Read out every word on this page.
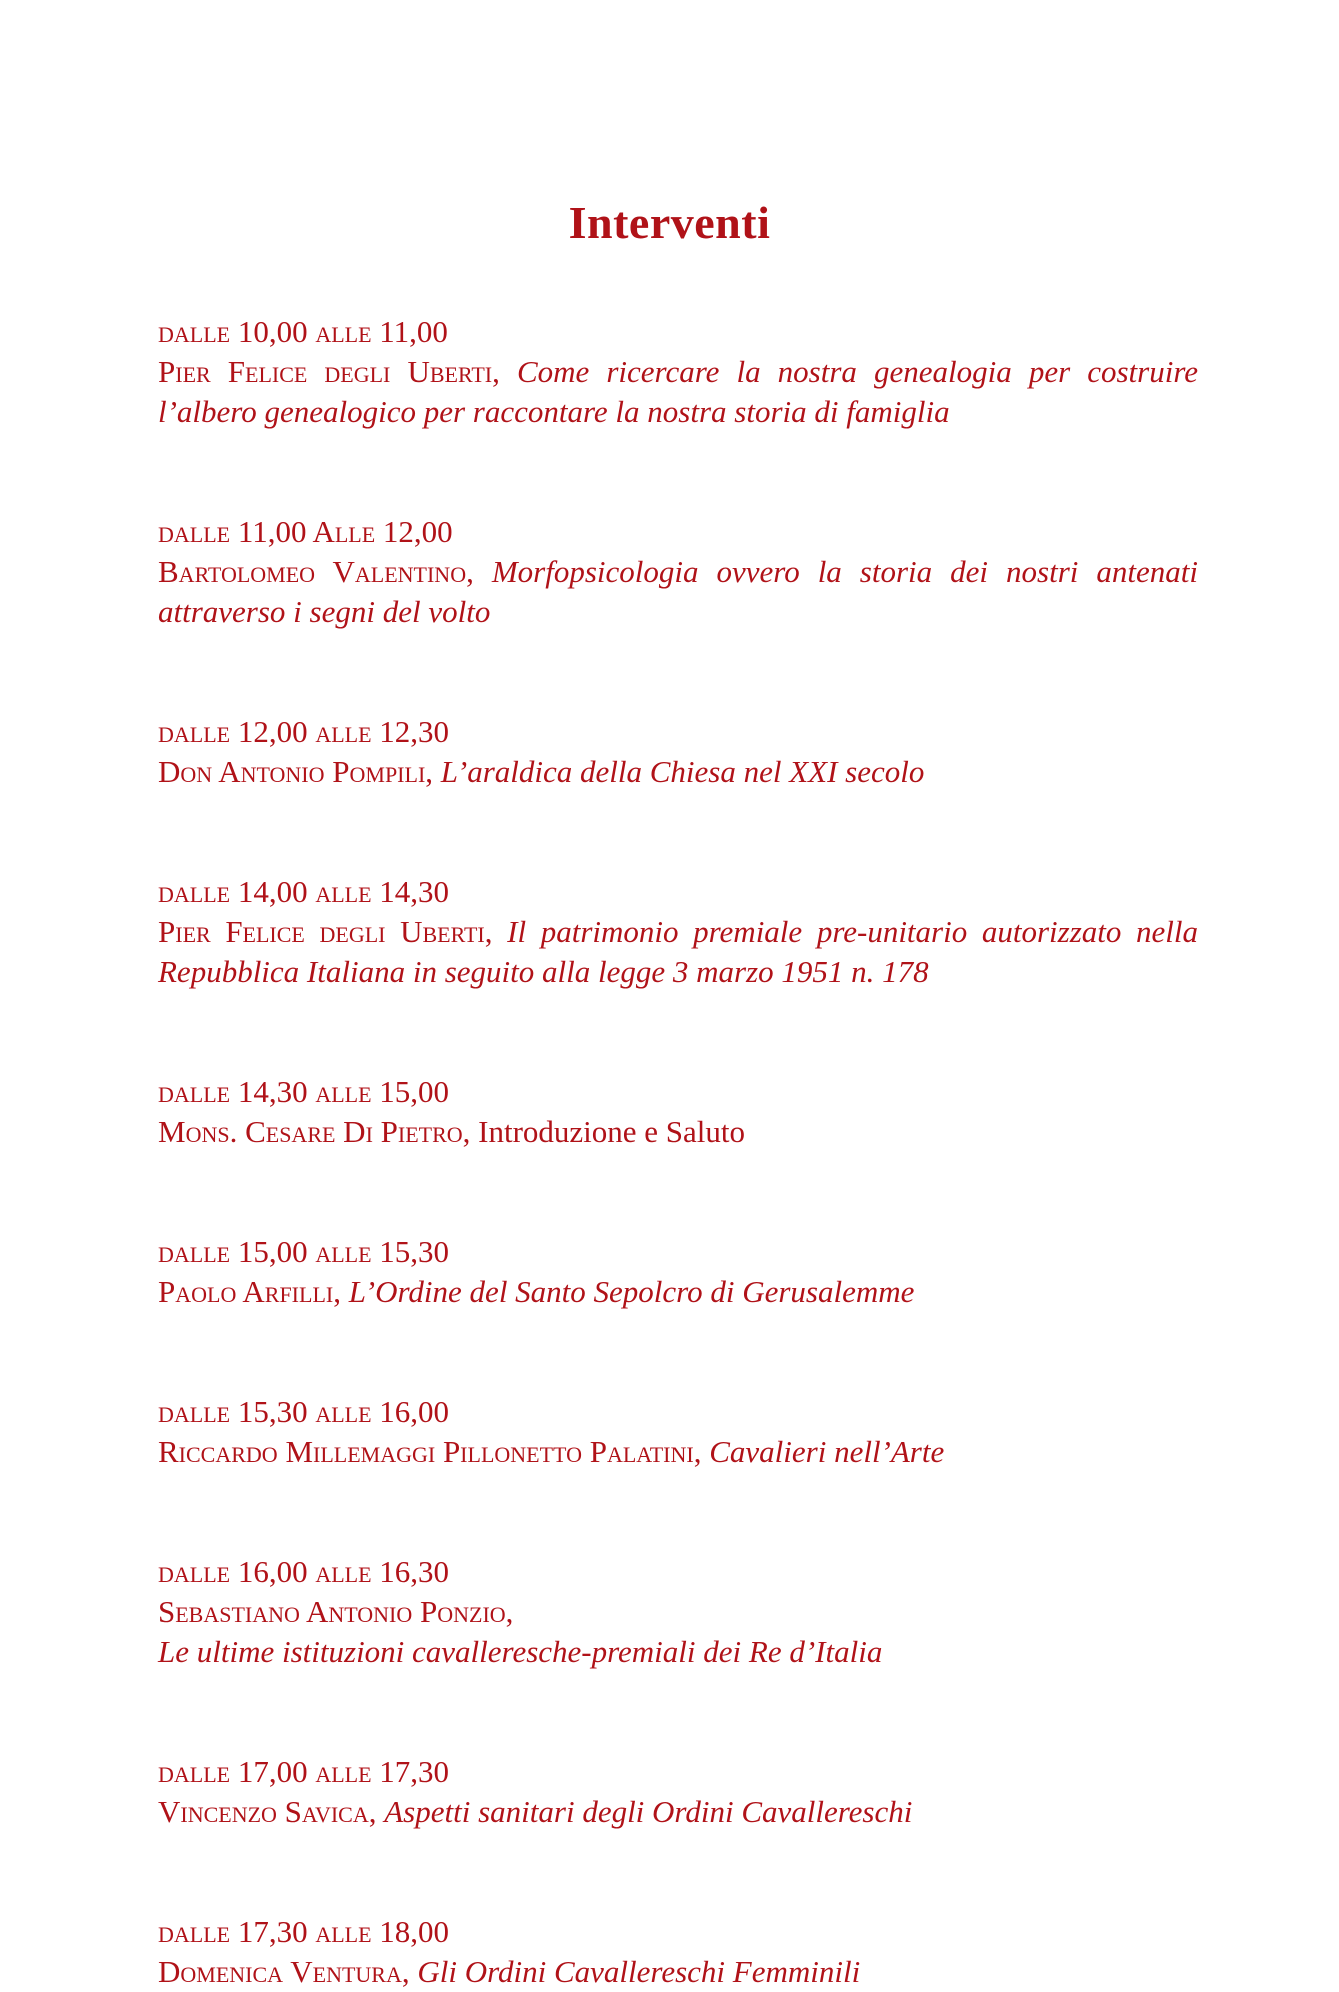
Interventi

dalle 10,00 alle 11,00
Pier Felice degli Uberti, Come ricercare la nostra genealogia per costruire l’albero genealogico per raccontare la nostra storia di famiglia

dalle 11,00 Alle 12,00
Bartolomeo Valentino, Morfopsicologia ovvero la storia dei nostri antenati attraverso i segni del volto

dalle 12,00 alle 12,30
Don Antonio Pompili, L’araldica della Chiesa nel XXI secolo

dalle 14,00 alle 14,30
Pier Felice degli Uberti, Il patrimonio premiale pre-unitario autorizzato nella Repubblica Italiana in seguito alla legge 3 marzo 1951 n. 178

dalle 14,30 alle 15,00
Mons. Cesare Di Pietro, Introduzione e Saluto

dalle 15,00 alle 15,30
Paolo Arfilli, L’Ordine del Santo Sepolcro di Gerusalemme

dalle 15,30 alle 16,00
Riccardo Millemaggi Pillonetto Palatini, Cavalieri nell’Arte

dalle 16,00 alle 16,30
Sebastiano Antonio Ponzio,
Le ultime istituzioni cavalleresche-premiali dei Re d’Italia

dalle 17,00 alle 17,30
Vincenzo Savica, Aspetti sanitari degli Ordini Cavallereschi

dalle 17,30 alle 18,00
Domenica Ventura, Gli Ordini Cavallereschi Femminili
